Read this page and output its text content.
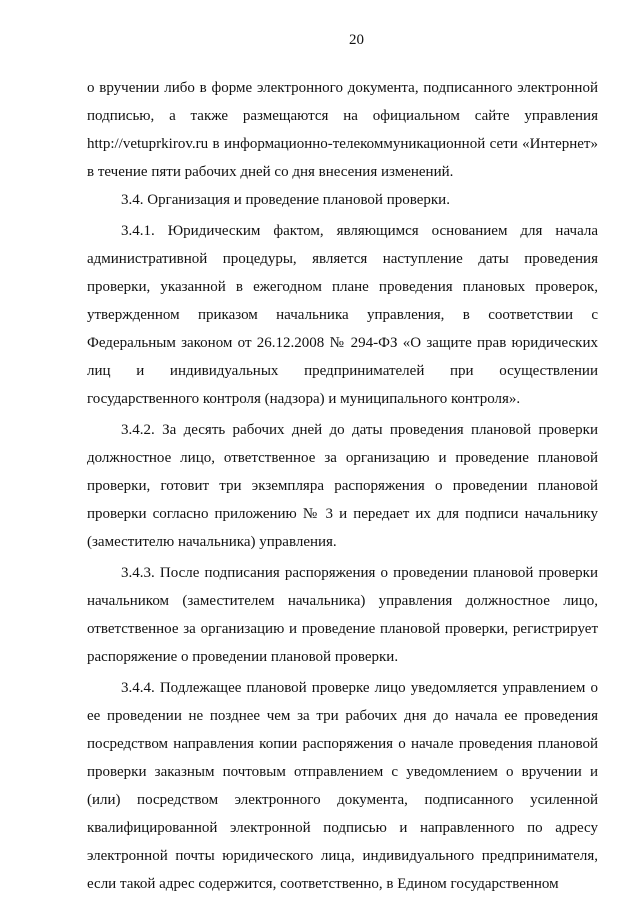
20

о вручении либо в форме электронного документа, подписанного электронной подписью, а также размещаются на официальном сайте управления http://vetuprkirov.ru в информационно-телекоммуникационной сети «Интернет» в течение пяти рабочих дней со дня внесения изменений.

3.4. Организация и проведение плановой проверки.

3.4.1. Юридическим фактом, являющимся основанием для начала административной процедуры, является наступление даты проведения проверки, указанной в ежегодном плане проведения плановых проверок, утвержденном приказом начальника управления, в соответствии с Федеральным законом от 26.12.2008 № 294-ФЗ «О защите прав юридических лиц и индивидуальных предпринимателей при осуществлении государственного контроля (надзора) и муниципального контроля».

3.4.2. За десять рабочих дней до даты проведения плановой проверки должностное лицо, ответственное за организацию и проведение плановой проверки, готовит три экземпляра распоряжения о проведении плановой проверки согласно приложению № 3 и передает их для подписи начальнику (заместителю начальника) управления.

3.4.3. После подписания распоряжения о проведении плановой проверки начальником (заместителем начальника) управления должностное лицо, ответственное за организацию и проведение плановой проверки, регистрирует распоряжение о проведении плановой проверки.

3.4.4. Подлежащее плановой проверке лицо уведомляется управлением о ее проведении не позднее чем за три рабочих дня до начала ее проведения посредством направления копии распоряжения о начале проведения плановой проверки заказным почтовым отправлением с уведомлением о вручении и (или) посредством электронного документа, подписанного усиленной квалифицированной электронной подписью и направленного по адресу электронной почты юридического лица, индивидуального предпринимателя, если такой адрес содержится, соответственно, в Едином государственном
